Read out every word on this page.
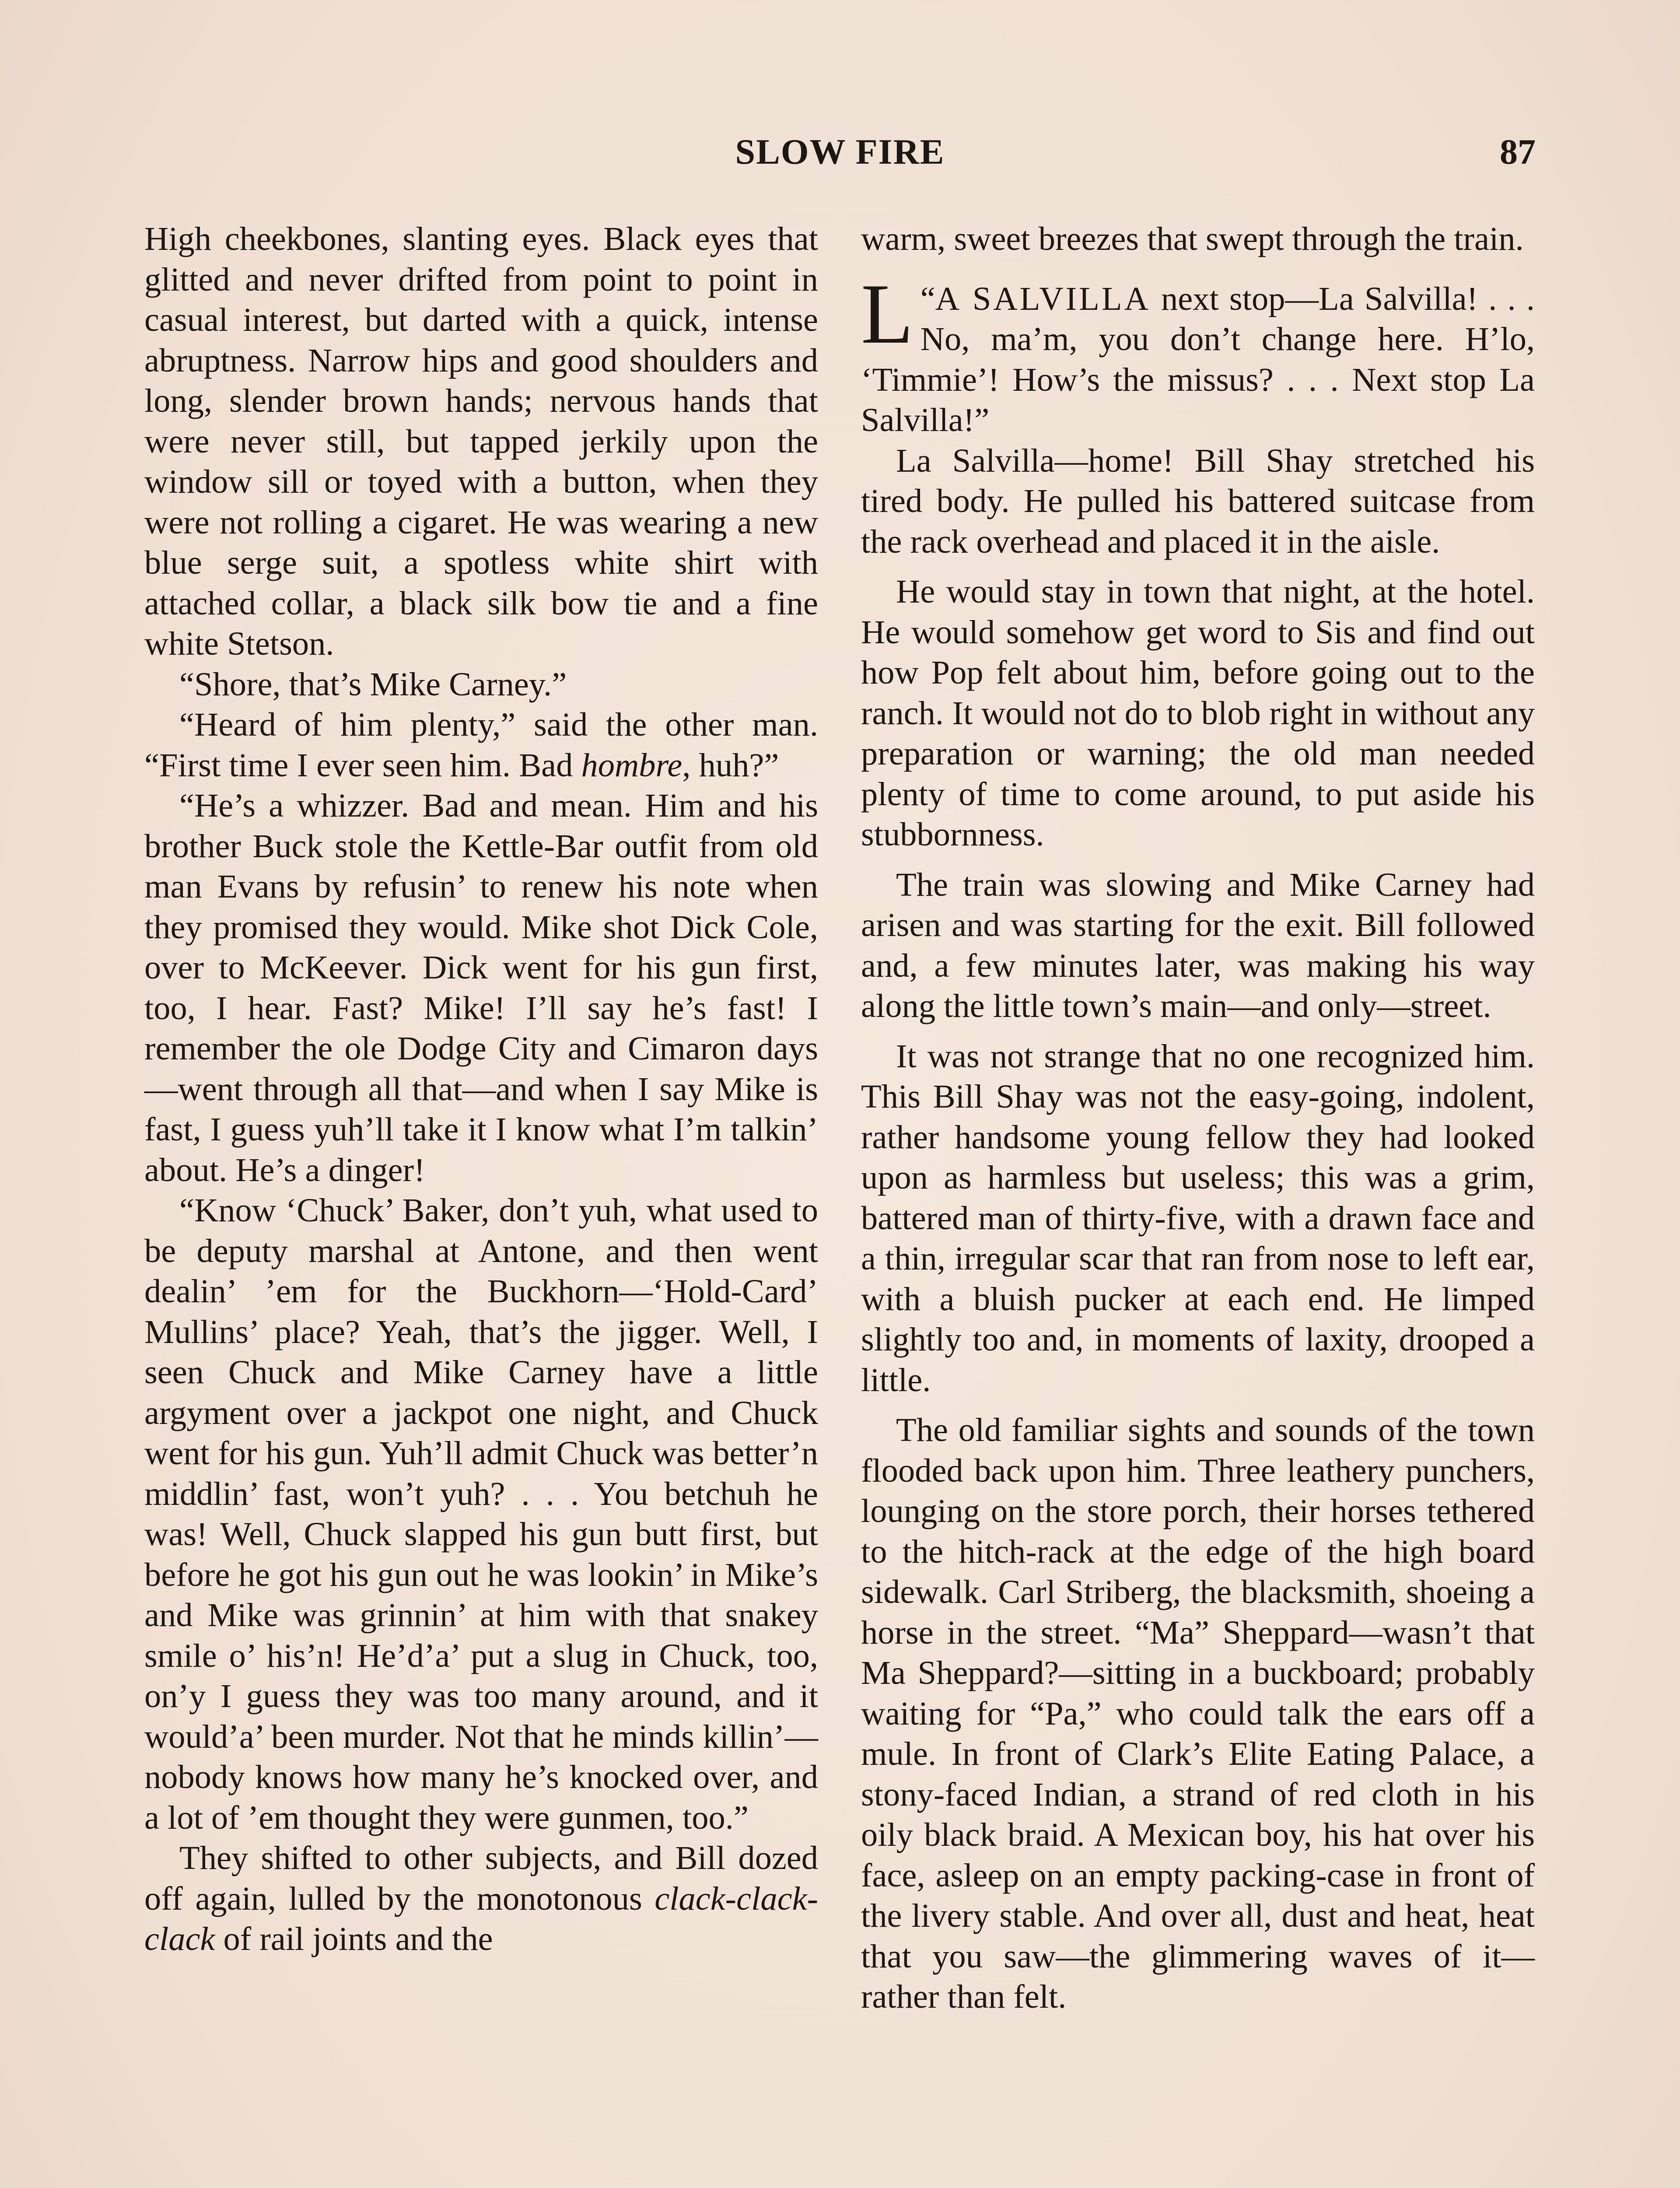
SLOW FIRE	87

High cheekbones, slanting eyes. Black eyes that glitted and never drifted from point to point in casual interest, but darted with a quick, intense abruptness. Narrow hips and good shoulders and long, slender brown hands; nervous hands that were never still, but tapped jerkily upon the window sill or toyed with a button, when they were not rolling a cigaret. He was wearing a new blue serge suit, a spotless white shirt with attached collar, a black silk bow tie and a fine white Stetson.

“Shore, that’s Mike Carney.”

“Heard of him plenty,” said the other man. “First time I ever seen him. Bad hombre, huh?”

“He’s a whizzer. Bad and mean. Him and his brother Buck stole the Kettle-Bar outfit from old man Evans by refusin’ to renew his note when they promised they would. Mike shot Dick Cole, over to McKeever. Dick went for his gun first, too, I hear. Fast? Mike! I’ll say he’s fast! I remember the ole Dodge City and Cimaron days—went through all that—and when I say Mike is fast, I guess yuh’ll take it I know what I’m talkin’ about. He’s a dinger!

“Know ‘Chuck’ Baker, don’t yuh, what used to be deputy marshal at Antone, and then went dealin’ ’em for the Buckhorn—‘Hold-Card’ Mullins’ place? Yeah, that’s the jigger. Well, I seen Chuck and Mike Carney have a little argyment over a jackpot one night, and Chuck went for his gun. Yuh’ll admit Chuck was better’n middlin’ fast, won’t yuh? . . . You betchuh he was! Well, Chuck slapped his gun butt first, but before he got his gun out he was lookin’ in Mike’s and Mike was grinnin’ at him with that snakey smile o’ his’n! He’d’a’ put a slug in Chuck, too, on’y I guess they was too many around, and it would’a’ been murder. Not that he minds killin’—nobody knows how many he’s knocked over, and a lot of ’em thought they were gunmen, too.”

They shifted to other subjects, and Bill dozed off again, lulled by the monotonous clack-clack-clack of rail joints and the

warm, sweet breezes that swept through the train.

“
L A SALVILLA next stop—La Salvilla! . . . No, ma’m, you don’t change here. H’lo, ‘Timmie’! How’s the missus? . . . Next stop La Salvilla!”

La Salvilla—home! Bill Shay stretched his tired body. He pulled his battered suitcase from the rack overhead and placed it in the aisle.

He would stay in town that night, at the hotel. He would somehow get word to Sis and find out how Pop felt about him, before going out to the ranch. It would not do to blob right in without any preparation or warning; the old man needed plenty of time to come around, to put aside his stubbornness.

The train was slowing and Mike Carney had arisen and was starting for the exit. Bill followed and, a few minutes later, was making his way along the little town’s main—and only—street.

It was not strange that no one recognized him. This Bill Shay was not the easy-going, indolent, rather handsome young fellow they had looked upon as harmless but useless; this was a grim, battered man of thirty-five, with a drawn face and a thin, irregular scar that ran from nose to left ear, with a bluish pucker at each end. He limped slightly too and, in moments of laxity, drooped a little.

The old familiar sights and sounds of the town flooded back upon him. Three leathery punchers, lounging on the store porch, their horses tethered to the hitch-rack at the edge of the high board sidewalk. Carl Striberg, the blacksmith, shoeing a horse in the street. “Ma” Sheppard—wasn’t that Ma Sheppard?—sitting in a buckboard; probably waiting for “Pa,” who could talk the ears off a mule. In front of Clark’s Elite Eating Palace, a stony-faced Indian, a strand of red cloth in his oily black braid. A Mexican boy, his hat over his face, asleep on an empty packing-case in front of the livery stable. And over all, dust and heat, heat that you saw—the glimmering waves of it—rather than felt.
